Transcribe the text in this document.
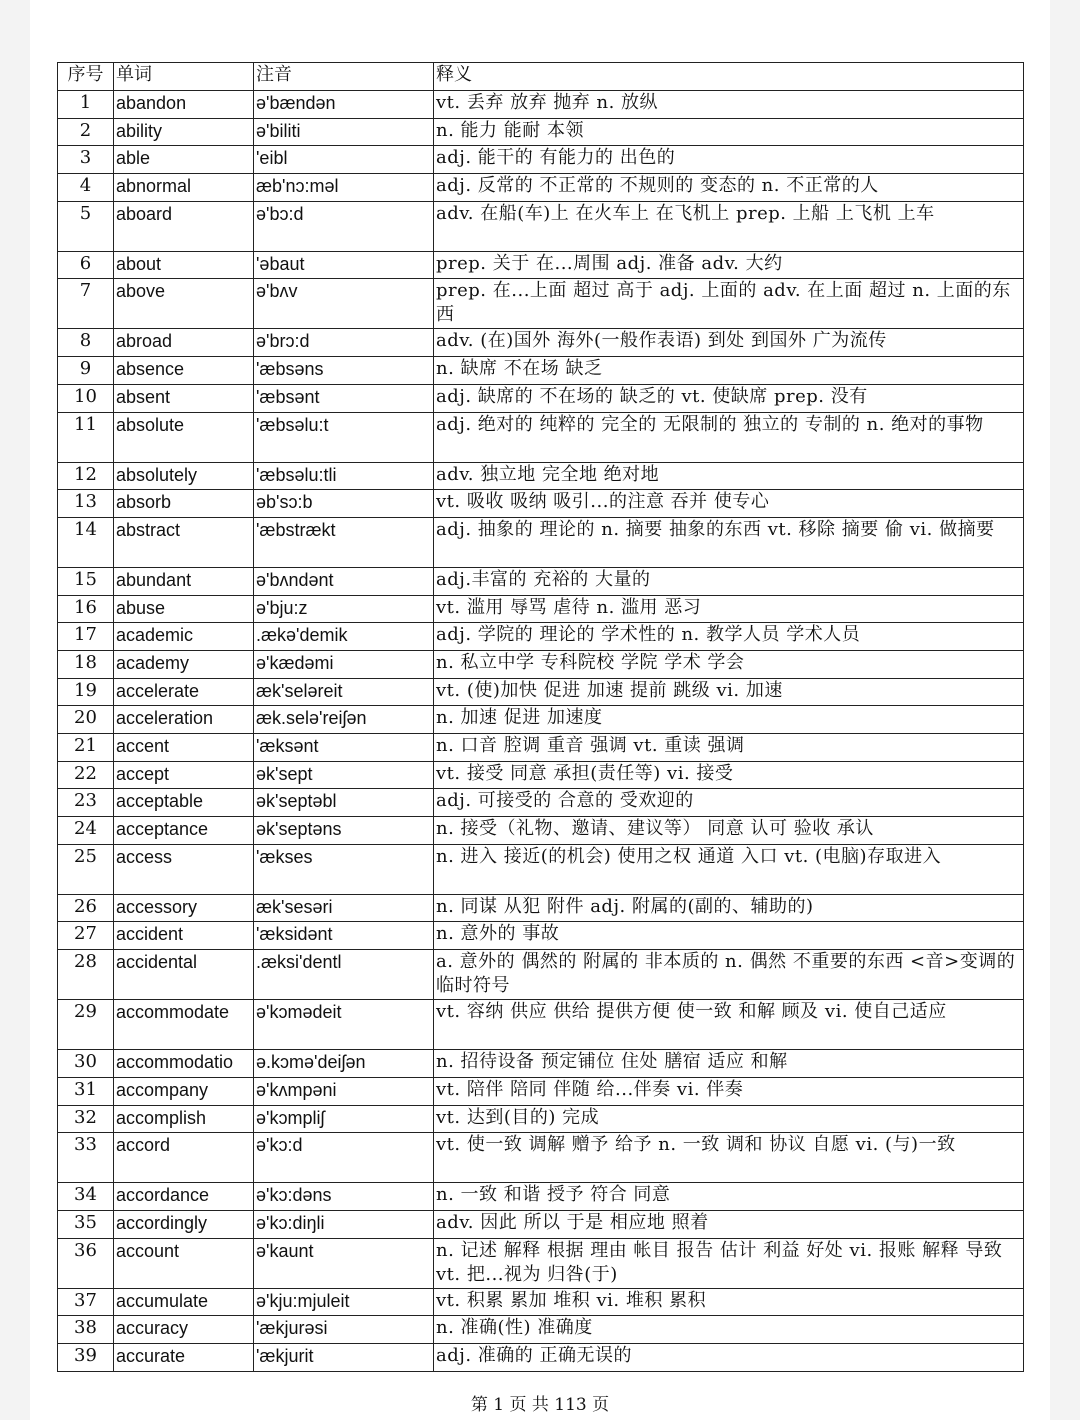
序号	单词	注音	释义
1	abandon	ə'bændən	vt. 丢弃 放弃 抛弃 n. 放纵
2	ability	ə'biliti	n. 能力 能耐 本领
3	able	'eibl	adj. 能干的 有能力的 出色的
4	abnormal	æb'nɔ:məl	adj. 反常的 不正常的 不规则的 变态的 n. 不正常的人
5	aboard	ə'bɔ:d	adv. 在船(车)上 在火车上 在飞机上 prep. 上船 上飞机 上车
6	about	'əbaut	prep. 关于 在...周围 adj. 准备 adv. 大约
7	above	ə'bʌv	prep. 在...上面 超过 高于 adj. 上面的 adv. 在上面 超过 n. 上面的东西
8	abroad	ə'brɔ:d	adv. (在)国外 海外(一般作表语) 到处 到国外 广为流传
9	absence	'æbsəns	n. 缺席 不在场 缺乏
10	absent	'æbsənt	adj. 缺席的 不在场的 缺乏的 vt. 使缺席 prep. 没有
11	absolute	'æbsəlu:t	adj. 绝对的 纯粹的 完全的 无限制的 独立的 专制的 n. 绝对的事物
12	absolutely	'æbsəlu:tli	adv. 独立地 完全地 绝对地
13	absorb	əb'sɔ:b	vt. 吸收 吸纳 吸引...的注意 吞并 使专心
14	abstract	'æbstrækt	adj. 抽象的 理论的 n. 摘要 抽象的东西 vt. 移除 摘要 偷 vi. 做摘要
15	abundant	ə'bʌndənt	adj.丰富的 充裕的 大量的
16	abuse	ə'bju:z	vt. 滥用 辱骂 虐待 n. 滥用 恶习
17	academic	.ækə'demik	adj. 学院的 理论的 学术性的 n. 教学人员 学术人员
18	academy	ə'kædəmi	n. 私立中学 专科院校 学院 学术 学会
19	accelerate	æk'seləreit	vt. (使)加快 促进 加速 提前 跳级 vi. 加速
20	acceleration	æk.selə'reiʃən	n. 加速 促进 加速度
21	accent	'æksənt	n. 口音 腔调 重音 强调 vt. 重读 强调
22	accept	ək'sept	vt. 接受 同意 承担(责任等) vi. 接受
23	acceptable	ək'septəbl	adj. 可接受的 合意的 受欢迎的
24	acceptance	ək'septəns	n. 接受（礼物、邀请、建议等） 同意 认可 验收 承认
25	access	'ækses	n. 进入 接近(的机会) 使用之权 通道 入口 vt. (电脑)存取进入
26	accessory	æk'sesəri	n. 同谋 从犯 附件 adj. 附属的(副的、辅助的)
27	accident	'æksidənt	n. 意外的 事故
28	accidental	.æksi'dentl	a. 意外的 偶然的 附属的 非本质的 n. 偶然 不重要的东西 <音>变调的临时符号
29	accommodate	ə'kɔmədeit	vt. 容纳 供应 供给 提供方便 使一致 和解 顾及 vi. 使自己适应
30	accommodatio	ə.kɔmə'deiʃən	n. 招待设备 预定铺位 住处 膳宿 适应 和解
31	accompany	ə'kʌmpəni	vt. 陪伴 陪同 伴随 给...伴奏 vi. 伴奏
32	accomplish	ə'kɔmpliʃ	vt. 达到(目的) 完成
33	accord	ə'kɔ:d	vt. 使一致 调解 赠予 给予 n. 一致 调和 协议 自愿 vi. (与)一致
34	accordance	ə'kɔ:dəns	n. 一致 和谐 授予 符合 同意
35	accordingly	ə'kɔ:diŋli	adv. 因此 所以 于是 相应地 照着
36	account	ə'kaunt	n. 记述 解释 根据 理由 帐目 报告 估计 利益 好处 vi. 报账 解释 导致 vt. 把...视为 归咎(于)
37	accumulate	ə'kju:mjuleit	vt. 积累 累加 堆积 vi. 堆积 累积
38	accuracy	'ækjurəsi	n. 准确(性) 准确度
39	accurate	'ækjurit	adj. 准确的 正确无误的
第 1 页 共 113 页
